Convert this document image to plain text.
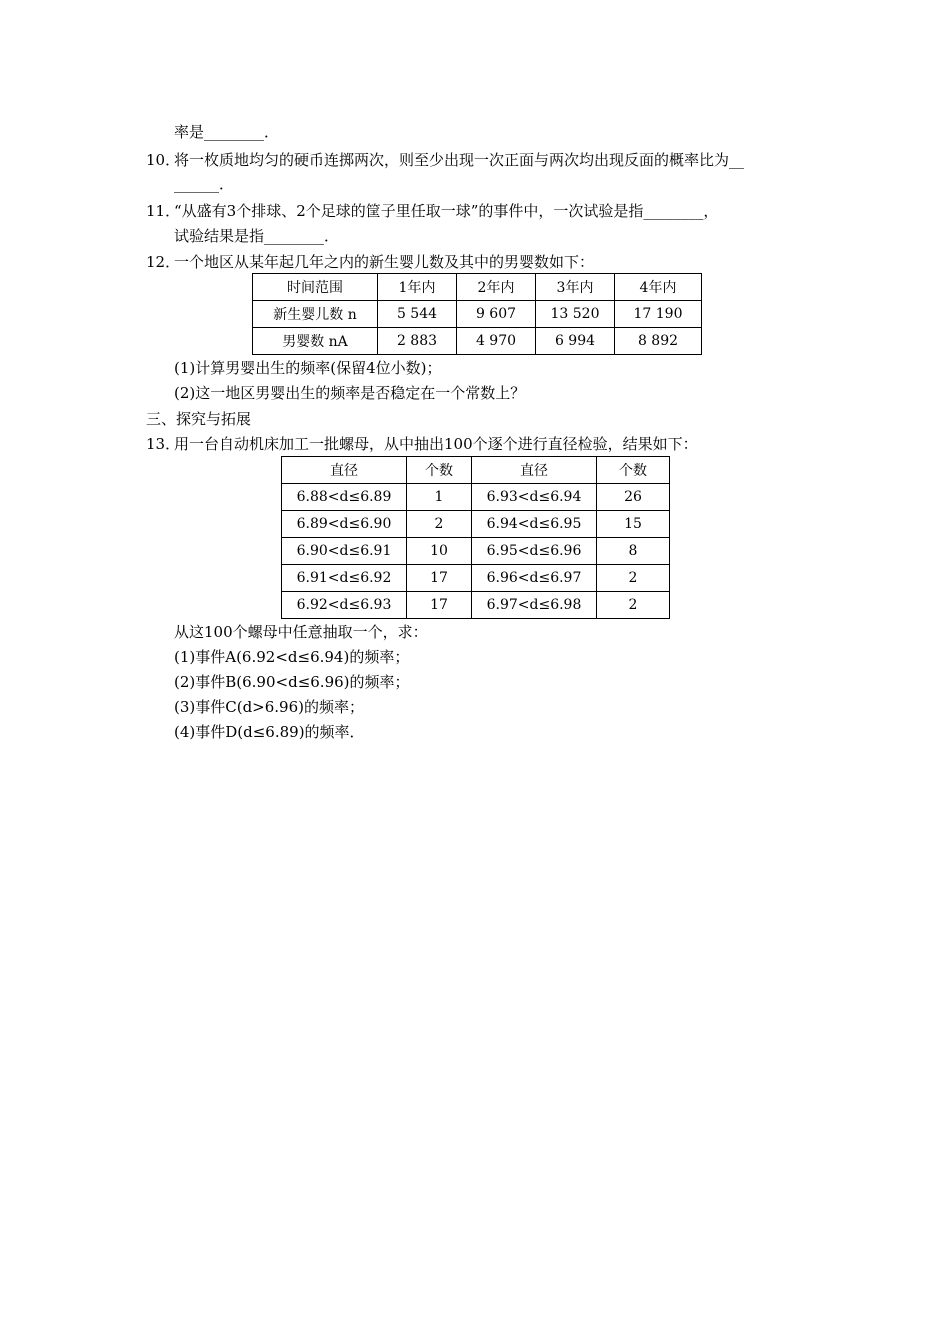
率是________．
10．
将一枚质地均匀的硬币连掷两次，则至少出现一次正面与两次均出现反面的概率比为__
______．
11．
“从盛有3个排球、2个足球的筐子里任取一球”的事件中，一次试验是指________，
试验结果是指________．
12．
一个地区从某年起几年之内的新生婴儿数及其中的男婴数如下：
时间范围	1年内	2年内	3年内	4年内
新生婴儿数 n	5 544	9 607	13 520	17 190
男婴数 nA	2 883	4 970	6 994	8 892
(1)计算男婴出生的频率(保留4位小数)；
(2)这一地区男婴出生的频率是否稳定在一个常数上？
三、探究与拓展
13．
用一台自动机床加工一批螺母，从中抽出100个逐个进行直径检验，结果如下：
直径	个数	直径	个数
6.88<d≤6.89	1	6.93<d≤6.94	26
6.89<d≤6.90	2	6.94<d≤6.95	15
6.90<d≤6.91	10	6.95<d≤6.96	8
6.91<d≤6.92	17	6.96<d≤6.97	2
6.92<d≤6.93	17	6.97<d≤6.98	2
从这100个螺母中任意抽取一个，求：
(1)事件A(6.92<d≤6.94)的频率；
(2)事件B(6.90<d≤6.96)的频率；
(3)事件C(d>6.96)的频率；
(4)事件D(d≤6.89)的频率．
